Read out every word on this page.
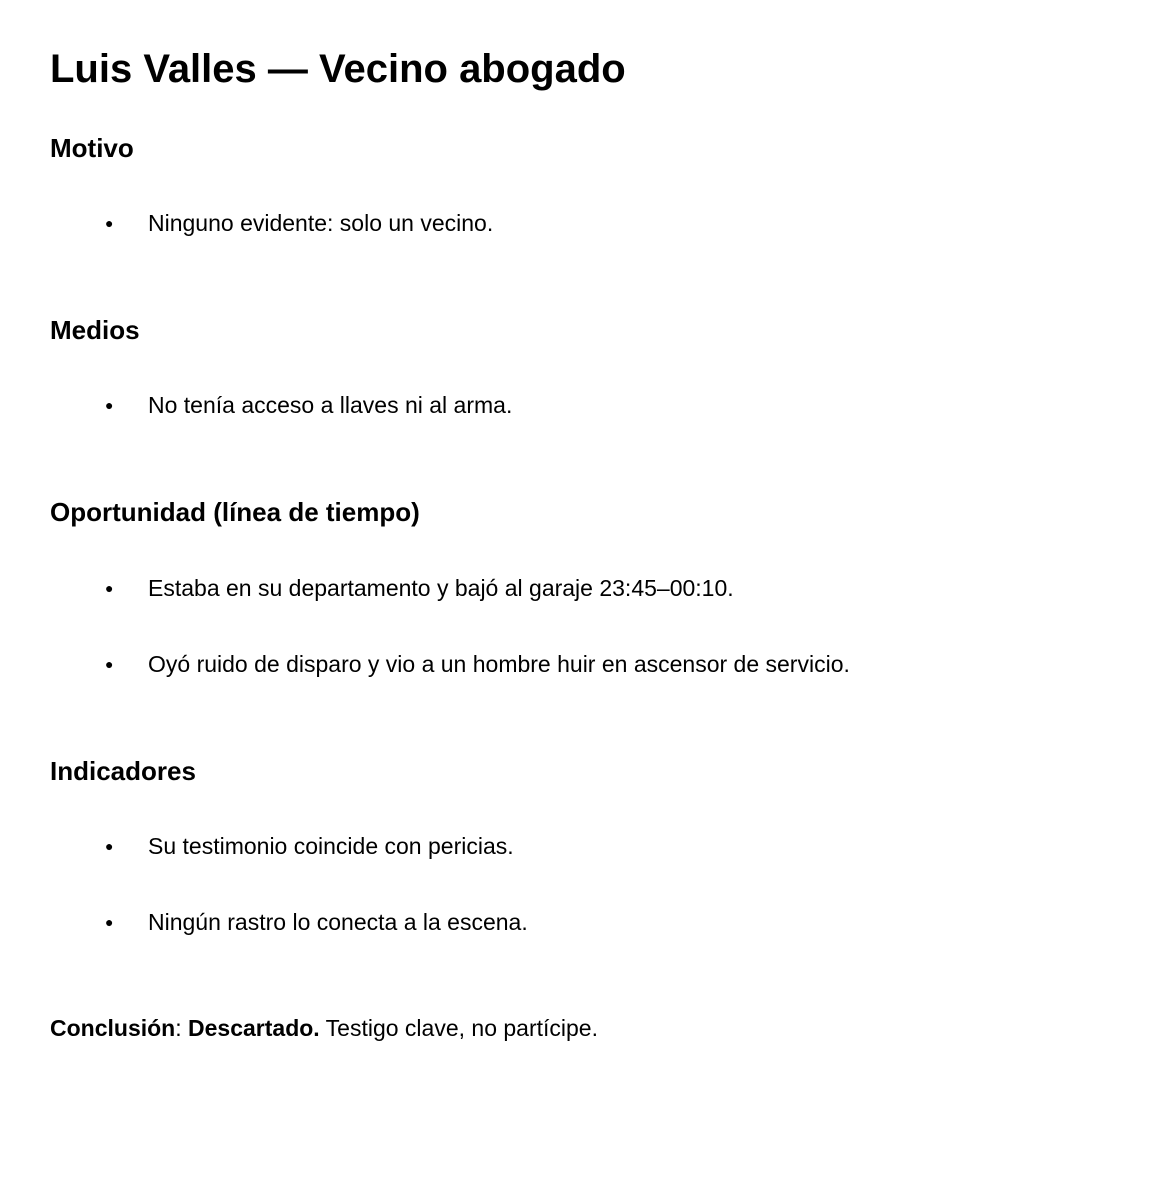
Luis Valles — Vecino abogado
Motivo
●	Ninguno evidente: solo un vecino.
Medios
●	No tenía acceso a llaves ni al arma.
Oportunidad (línea de tiempo)
●	Estaba en su departamento y bajó al garaje 23:45–00:10.
●	Oyó ruido de disparo y vio a un hombre huir en ascensor de servicio.
Indicadores
●	Su testimonio coincide con pericias.
●	Ningún rastro lo conecta a la escena.

Conclusión: Descartado. Testigo clave, no partícipe.
